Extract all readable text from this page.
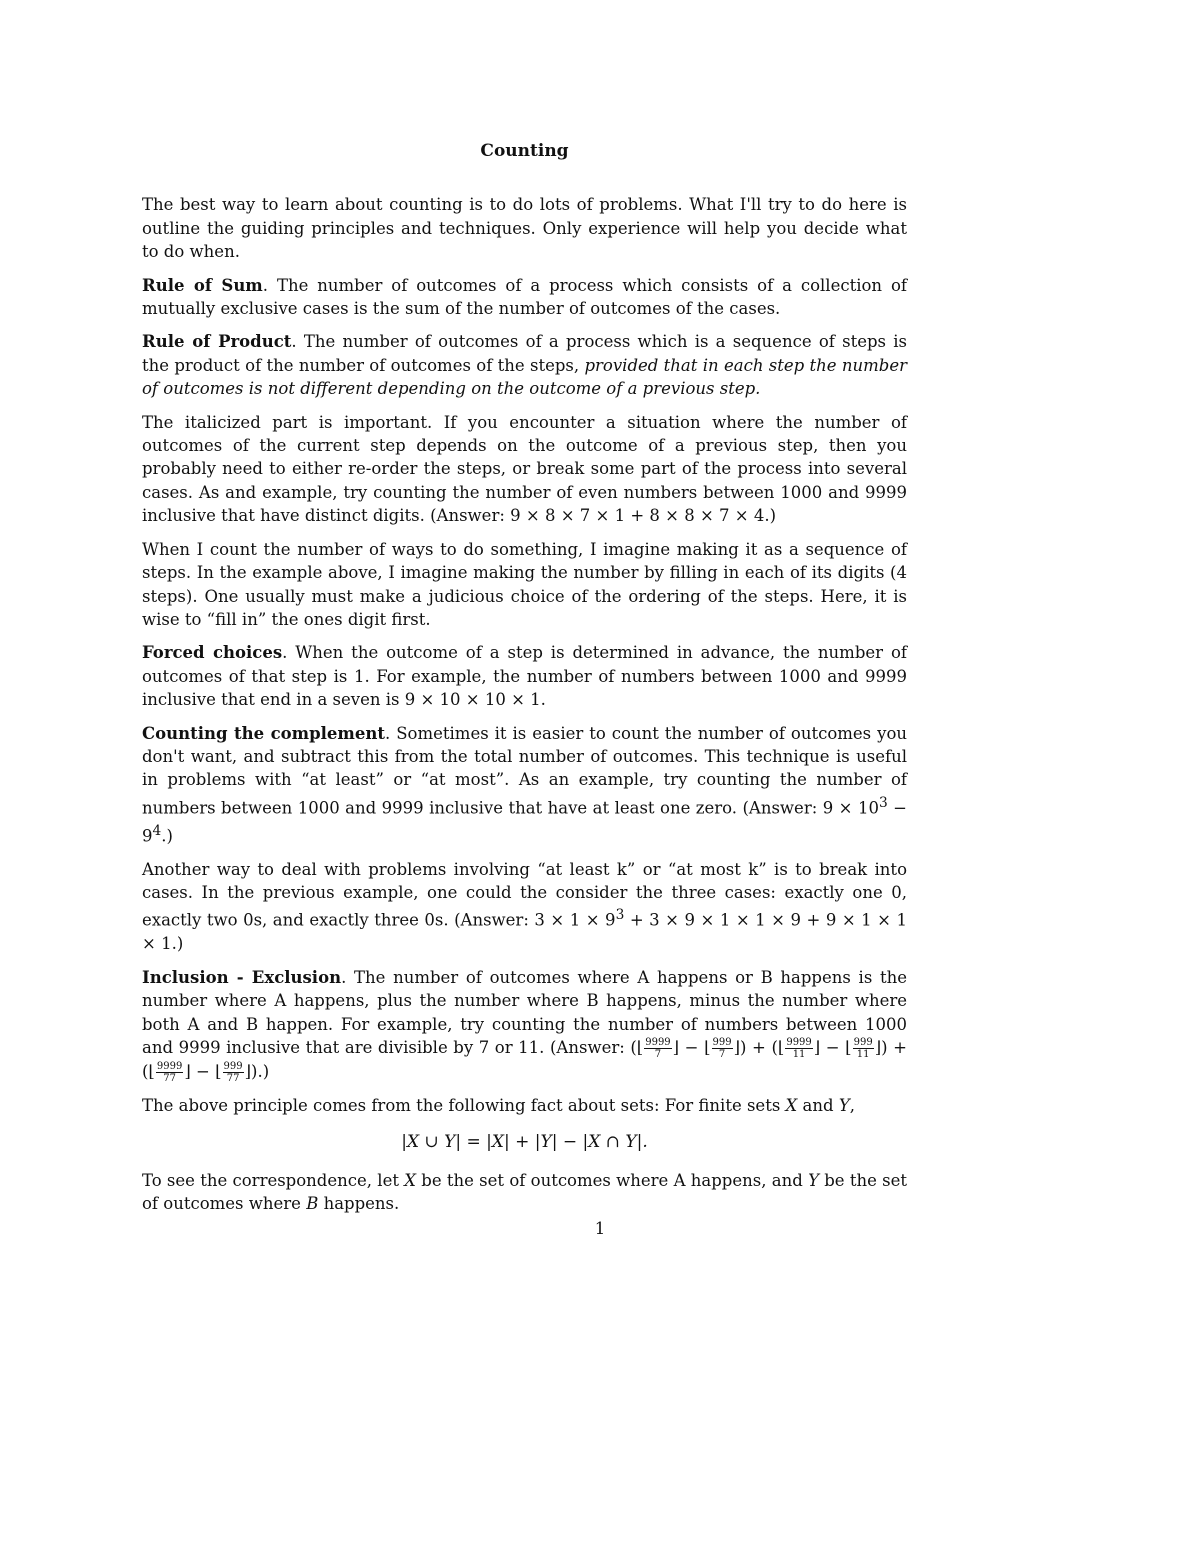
Counting

The best way to learn about counting is to do lots of problems. What I'll try to do here is outline the guiding principles and techniques. Only experience will help you decide what to do when.

Rule of Sum. The number of outcomes of a process which consists of a collection of mutually exclusive cases is the sum of the number of outcomes of the cases.

Rule of Product. The number of outcomes of a process which is a sequence of steps is the product of the number of outcomes of the steps, provided that in each step the number of outcomes is not different depending on the outcome of a previous step.

The italicized part is important. If you encounter a situation where the number of outcomes of the current step depends on the outcome of a previous step, then you probably need to either re-order the steps, or break some part of the process into several cases. As and example, try counting the number of even numbers between 1000 and 9999 inclusive that have distinct digits. (Answer: 9 × 8 × 7 × 1 + 8 × 8 × 7 × 4.)

When I count the number of ways to do something, I imagine making it as a sequence of steps. In the example above, I imagine making the number by filling in each of its digits (4 steps). One usually must make a judicious choice of the ordering of the steps. Here, it is wise to “fill in” the ones digit first.

Forced choices. When the outcome of a step is determined in advance, the number of outcomes of that step is 1. For example, the number of numbers between 1000 and 9999 inclusive that end in a seven is 9 × 10 × 10 × 1.

Counting the complement. Sometimes it is easier to count the number of outcomes you don't want, and subtract this from the total number of outcomes. This technique is useful in problems with “at least” or “at most”. As an example, try counting the number of numbers between 1000 and 9999 inclusive that have at least one zero. (Answer: $9 \times 10^3 - 9^4$.)

Another way to deal with problems involving “at least k” or “at most k” is to break into cases. In the previous example, one could the consider the three cases: exactly one 0, exactly two 0s, and exactly three 0s. (Answer: $3 \times 1 \times 9^3 + 3 \times 9 \times 1 \times 1 \times 9 + 9 \times 1 \times 1 \times 1$.)

Inclusion - Exclusion. The number of outcomes where A happens or B happens is the number where A happens, plus the number where B happens, minus the number where both A and B happen. For example, try counting the number of numbers between 1000 and 9999 inclusive that are divisible by 7 or 11. (Answer: (⌊ $\frac{9999}{7}$ ⌋ − ⌊ $\frac{999}{7}$ ⌋) + (⌊ $\frac{9999}{11}$ ⌋ − ⌊ $\frac{999}{11}$ ⌋) + (⌊ $\frac{9999}{77}$ ⌋ − ⌊ $\frac{999}{77}$ ⌋).)

The above principle comes from the following fact about sets: For finite sets X and Y,

|X ∪ Y| = |X| + |Y| − |X ∩ Y|.

To see the correspondence, let X be the set of outcomes where A happens, and Y be the set of outcomes where B happens.

1
